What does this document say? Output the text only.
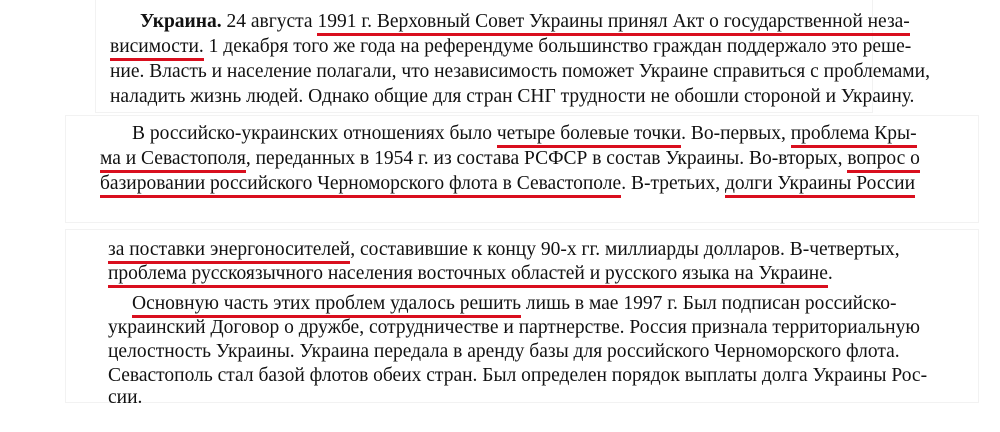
Украина. 24 августа 1991 г. Верховный Совет Украины принял Акт о государственной неза-
висимости. 1 декабря того же года на референдуме большинство граждан поддержало это реше-
ние. Власть и население полагали, что независимость поможет Украине справиться с проблемами,
наладить жизнь людей. Однако общие для стран СНГ трудности не обошли стороной и Украину.
В российско-украинских отношениях было четыре болевые точки. Во-первых, проблема Кры-
ма и Севастополя, переданных в 1954 г. из состава РСФСР в состав Украины. Во-вторых, вопрос о
базировании российского Черноморского флота в Севастополе. В-третьих, долги Украины России
за поставки энергоносителей, составившие к концу 90-х гг. миллиарды долларов. В-четвертых,
проблема русскоязычного населения восточных областей и русского языка на Украине.
Основную часть этих проблем удалось решить лишь в мае 1997 г. Был подписан российско-
украинский Договор о дружбе, сотрудничестве и партнерстве. Россия признала территориальную
целостность Украины. Украина передала в аренду базы для российского Черноморского флота.
Севастополь стал базой флотов обеих стран. Был определен порядок выплаты долга Украины Рос-
сии.
